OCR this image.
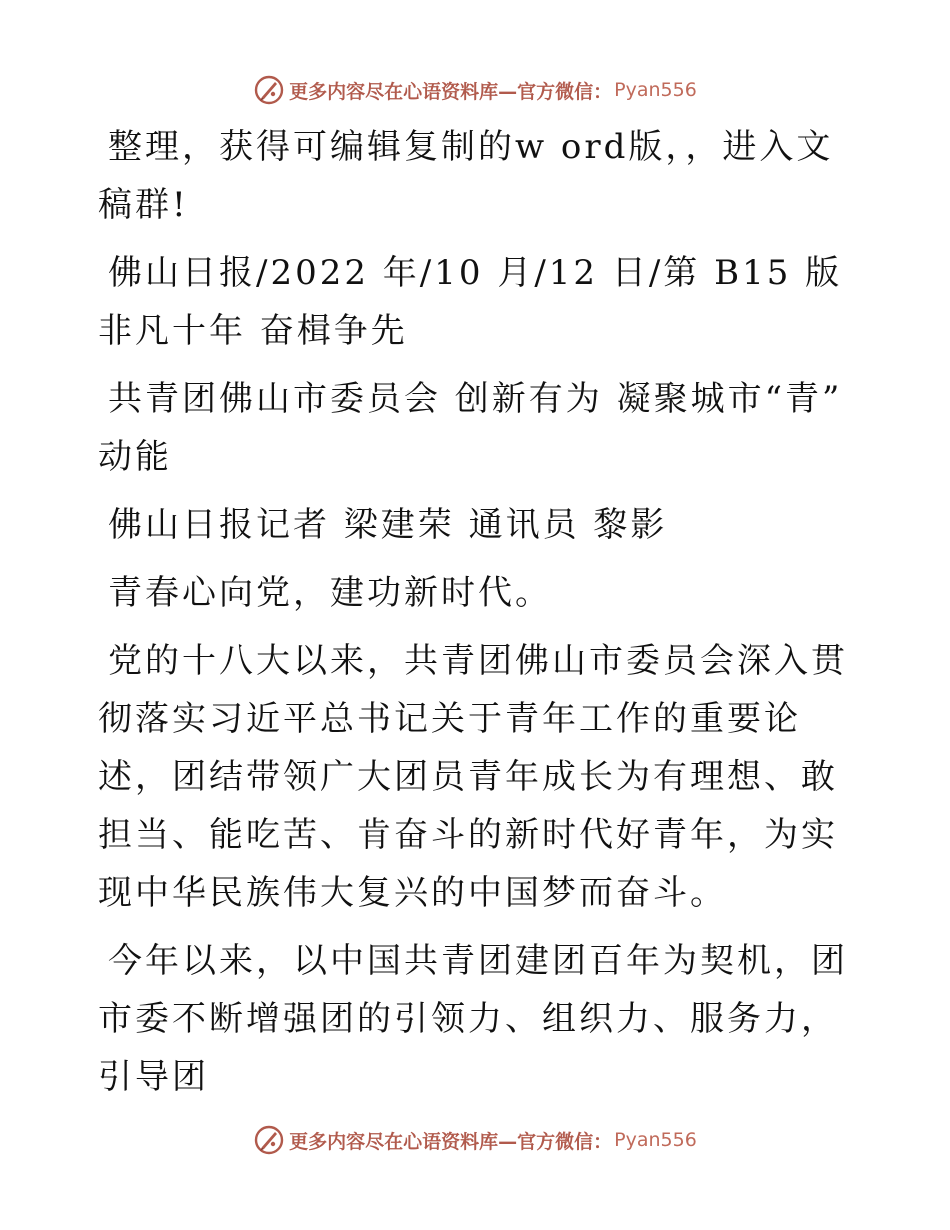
更多内容尽在心语资料库—官方微信： Pyan556

整理，获得可编辑复制的w ord版，，进入文稿群!

佛山日报/2022 年/10 月/12 日/第 B15 版非凡十年 奋楫争先

共青团佛山市委员会 创新有为 凝聚城市“青” 动能

佛山日报记者 梁建荣 通讯员 黎影

青春心向党，建功新时代。

党的十八大以来，共青团佛山市委员会深入贯彻落实习近平总书记关于青年工作的重要论述，团结带领广大团员青年成长为有理想、敢担当、能吃苦、肯奋斗的新时代好青年，为实现中华民族伟大复兴的中国梦而奋斗。

今年以来，以中国共青团建团百年为契机，团市委不断增强团的引领力、组织力、服务力，引导团

更多内容尽在心语资料库—官方微信： Pyan556
